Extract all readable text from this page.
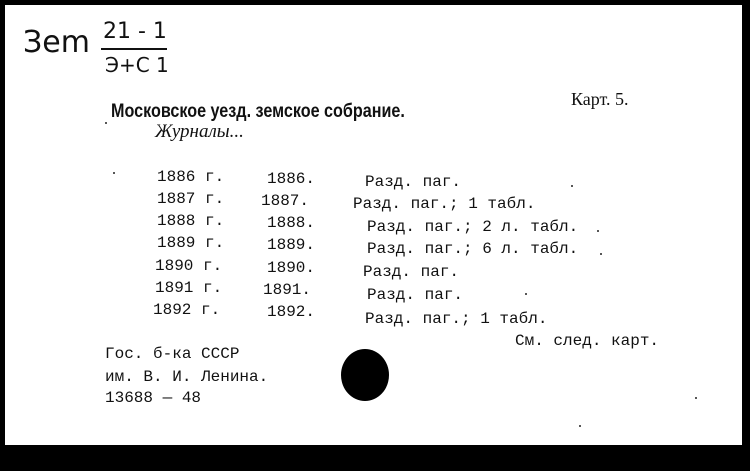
Зem 21 - 1
Э+С 1
Карт. 5.
Московское уезд. земское собрание.
Журналы...
1886 г.	1886.	Разд. паг.
1887 г. 1887.	Разд. паг.; 1 табл.
1888 г.	1888.	Разд. паг.; 2 л. табл.
1889 г.	1889.	Разд. паг.; 6 л. табл.
1890 г.	1890.	Разд. паг.
1891 г.	1891.	Разд. паг.
1892 г.	1892.	Разд. паг.; 1 табл.
См. след. карт.
Гос. б-ка СССР
им. В. И. Ленина.
13688 — 48
